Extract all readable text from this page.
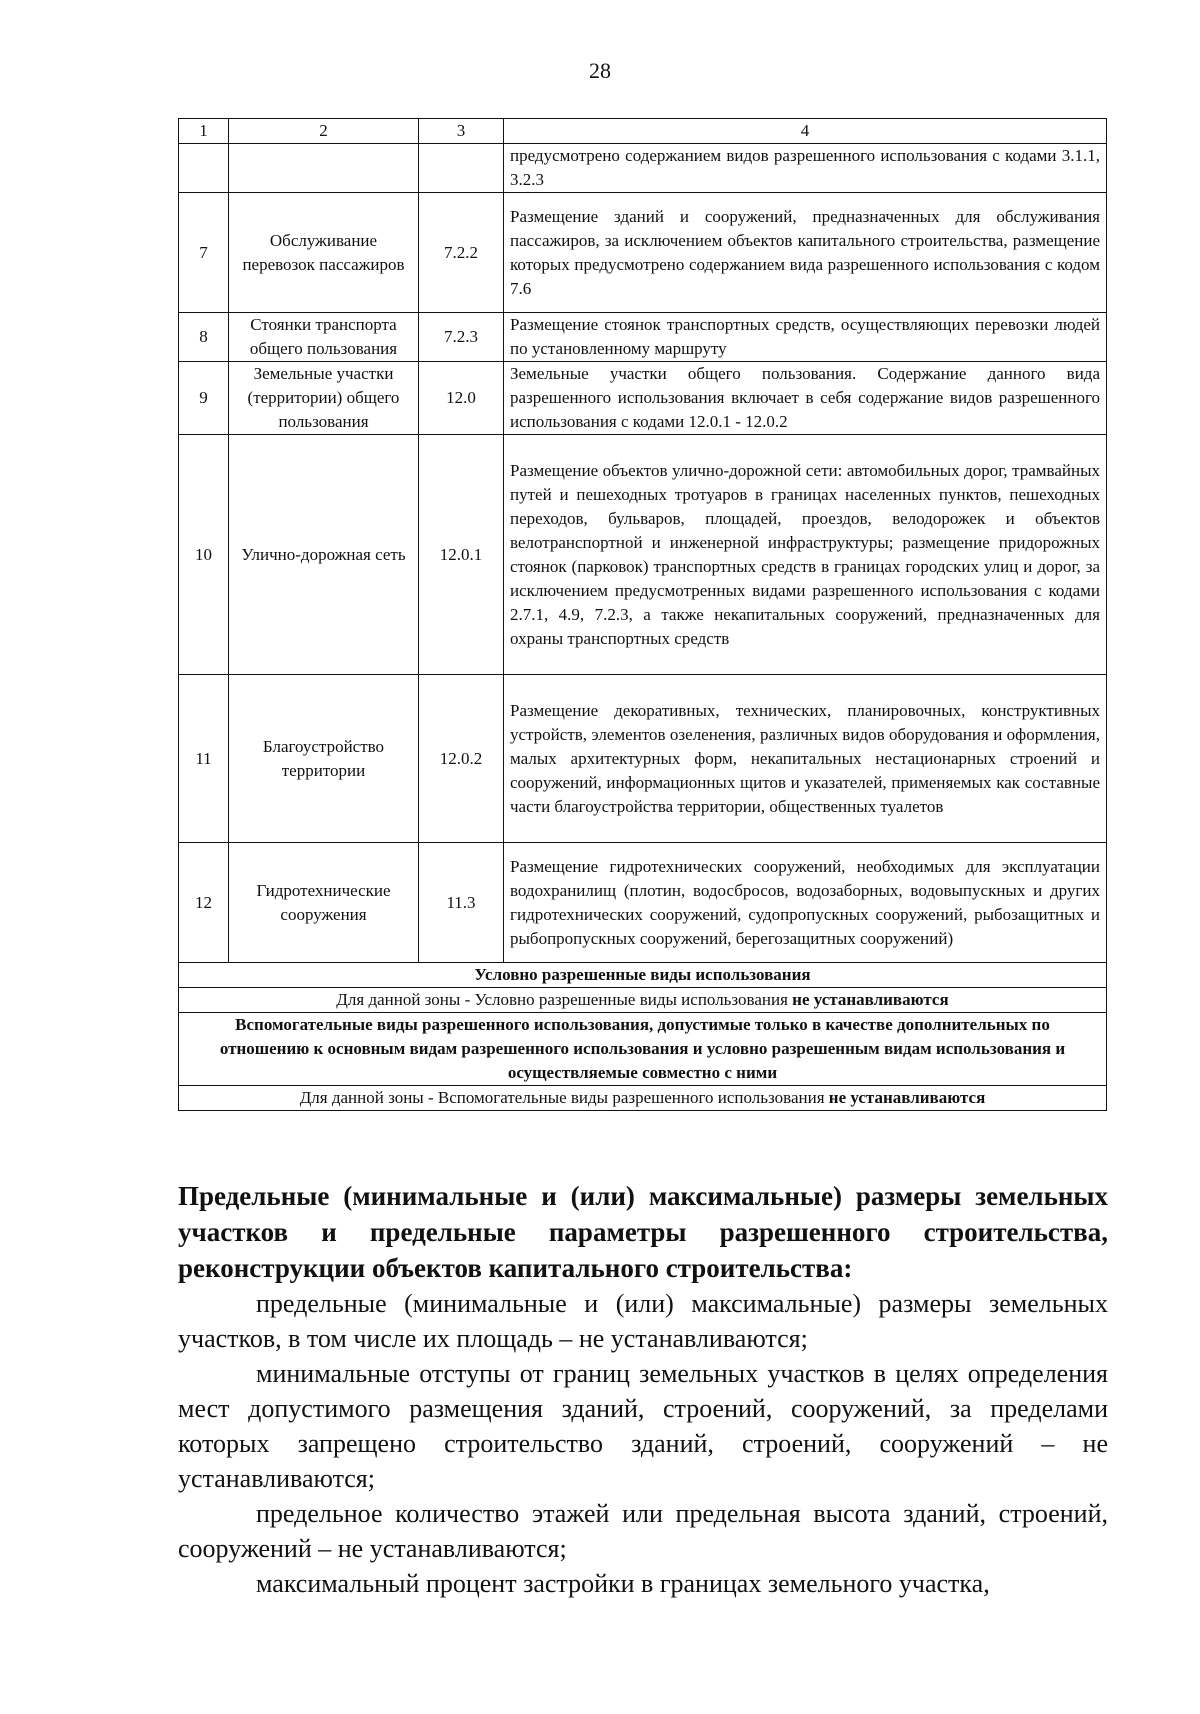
28
1	2	3	4
			предусмотрено содержанием видов разрешенного использования с кодами 3.1.1, 3.2.3
7	Обслуживание перевозок пассажиров	7.2.2	Размещение зданий и сооружений, предназначенных для обслуживания пассажиров, за исключением объектов капитального строительства, размещение которых предусмотрено содержанием вида разрешенного использования с кодом 7.6
8	Стоянки транспорта общего пользования	7.2.3	Размещение стоянок транспортных средств, осуществляющих перевозки людей по установленному маршруту
9	Земельные участки (территории) общего пользования	12.0	Земельные участки общего пользования. Содержание данного вида разрешенного использования включает в себя содержание видов разрешенного использования с кодами 12.0.1 - 12.0.2
10	Улично-дорожная сеть	12.0.1	Размещение объектов улично-дорожной сети: автомобильных дорог, трамвайных путей и пешеходных тротуаров в границах населенных пунктов, пешеходных переходов, бульваров, площадей, проездов, велодорожек и объектов велотранспортной и инженерной инфраструктуры; размещение придорожных стоянок (парковок) транспортных средств в границах городских улиц и дорог, за исключением предусмотренных видами разрешенного использования с кодами 2.7.1, 4.9, 7.2.3, а также некапитальных сооружений, предназначенных для охраны транспортных средств
11	Благоустройство территории	12.0.2	Размещение декоративных, технических, планировочных, конструктивных устройств, элементов озеленения, различных видов оборудования и оформления, малых архитектурных форм, некапитальных нестационарных строений и сооружений, информационных щитов и указателей, применяемых как составные части благоустройства территории, общественных туалетов
12	Гидротехнические сооружения	11.3	Размещение гидротехнических сооружений, необходимых для эксплуатации водохранилищ (плотин, водосбросов, водозаборных, водовыпускных и других гидротехнических сооружений, судопропускных сооружений, рыбозащитных и рыбопропускных сооружений, берегозащитных сооружений)
Условно разрешенные виды использования			
Для данной зоны - Условно разрешенные виды использования не устанавливаются			
Вспомогательные виды разрешенного использования, допустимые только в качестве дополнительных по отношению к основным видам разрешенного использования и условно разрешенным видам использования и осуществляемые совместно с ними			
Для данной зоны - Вспомогательные виды разрешенного использования не устанавливаются			
Предельные (минимальные и (или) максимальные) размеры земельных участков и предельные параметры разрешенного строительства, реконструкции объектов капитального строительства:
предельные (минимальные и (или) максимальные) размеры земельных участков, в том числе их площадь – не устанавливаются;
минимальные отступы от границ земельных участков в целях определения мест допустимого размещения зданий, строений, сооружений, за пределами которых запрещено строительство зданий, строений, сооружений – не устанавливаются;
предельное количество этажей или предельная высота зданий, строений, сооружений – не устанавливаются;
максимальный процент застройки в границах земельного участка,
